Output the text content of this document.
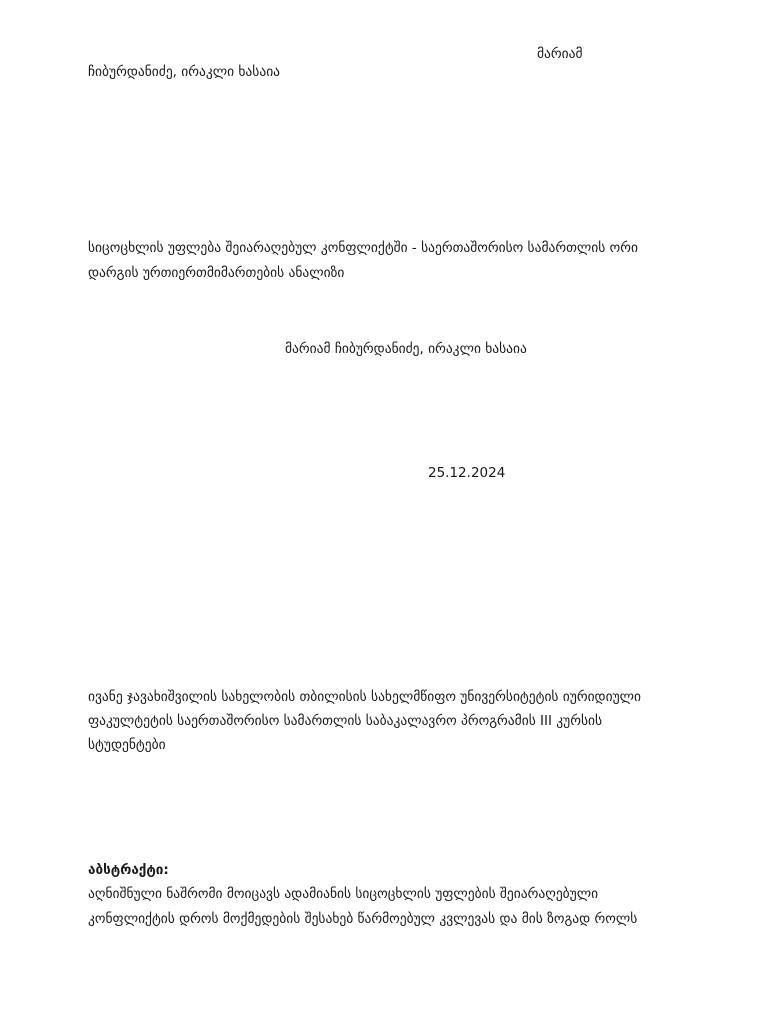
მარიამ
ჩიბურდანიძე, ირაკლი ხასაია
სიცოცხლის უფლება შეიარაღებულ კონფლიქტში - საერთაშორისო სამართლის ორი
დარგის ურთიერთმიმართების ანალიზი
მარიამ ჩიბურდანიძე, ირაკლი ხასაია
25.12.2024
ივანე ჯავახიშვილის სახელობის თბილისის სახელმწიფო უნივერსიტეტის იურიდიული
ფაკულტეტის საერთაშორისო სამართლის საბაკალავრო პროგრამის III კურსის
სტუდენტები
აბსტრაქტი:
აღნიშნული ნაშრომი მოიცავს ადამიანის სიცოცხლის უფლების შეიარაღებული
კონფლიქტის დროს მოქმედების შესახებ წარმოებულ კვლევას და მის ზოგად როლს
